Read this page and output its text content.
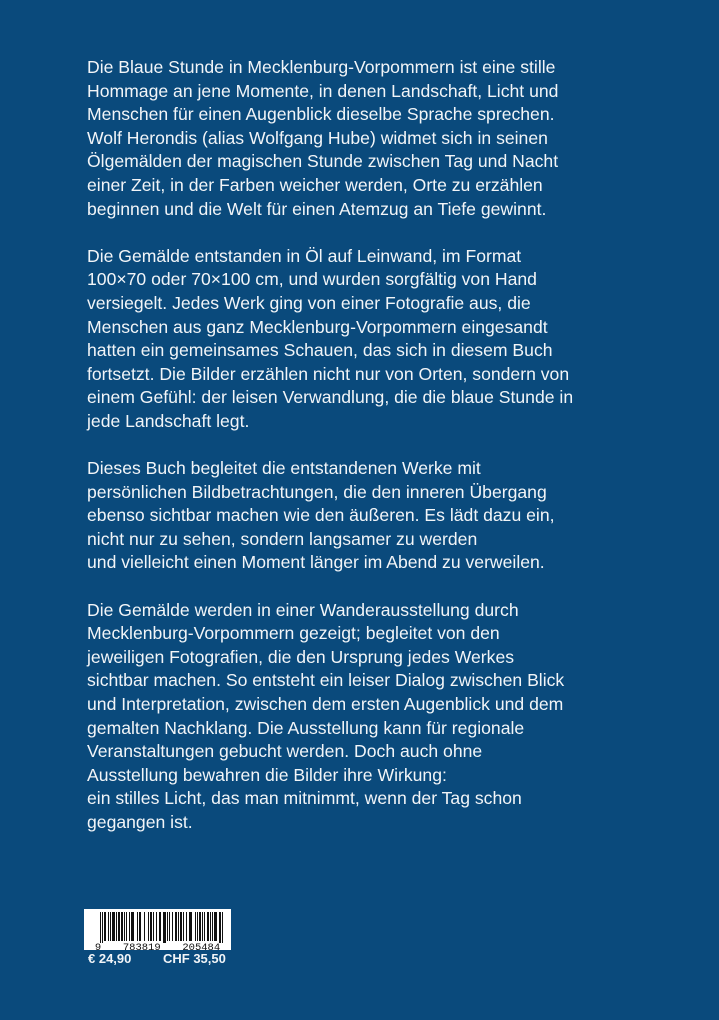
Die Blaue Stunde in Mecklenburg-Vorpommern ist eine stille
Hommage an jene Momente, in denen Landschaft, Licht und
Menschen für einen Augenblick dieselbe Sprache sprechen.
Wolf Herondis (alias Wolfgang Hube) widmet sich in seinen
Ölgemälden der magischen Stunde zwischen Tag und Nacht
einer Zeit, in der Farben weicher werden, Orte zu erzählen
beginnen und die Welt für einen Atemzug an Tiefe gewinnt.

Die Gemälde entstanden in Öl auf Leinwand, im Format
100×70 oder 70×100 cm, und wurden sorgfältig von Hand
versiegelt. Jedes Werk ging von einer Fotografie aus, die
Menschen aus ganz Mecklenburg-Vorpommern eingesandt
hatten ein gemeinsames Schauen, das sich in diesem Buch
fortsetzt. Die Bilder erzählen nicht nur von Orten, sondern von
einem Gefühl: der leisen Verwandlung, die die blaue Stunde in
jede Landschaft legt.

Dieses Buch begleitet die entstandenen Werke mit
persönlichen Bildbetrachtungen, die den inneren Übergang
ebenso sichtbar machen wie den äußeren. Es lädt dazu ein,
nicht nur zu sehen, sondern langsamer zu werden
und vielleicht einen Moment länger im Abend zu verweilen.

Die Gemälde werden in einer Wanderausstellung durch
Mecklenburg-Vorpommern gezeigt; begleitet von den
jeweiligen Fotografien, die den Ursprung jedes Werkes
sichtbar machen. So entsteht ein leiser Dialog zwischen Blick
und Interpretation, zwischen dem ersten Augenblick und dem
gemalten Nachklang. Die Ausstellung kann für regionale
Veranstaltungen gebucht werden. Doch auch ohne
Ausstellung bewahren die Bilder ihre Wirkung:
ein stilles Licht, das man mitnimmt, wenn der Tag schon
gegangen ist.

9 783819 205484
€ 24,90 CHF 35,50
